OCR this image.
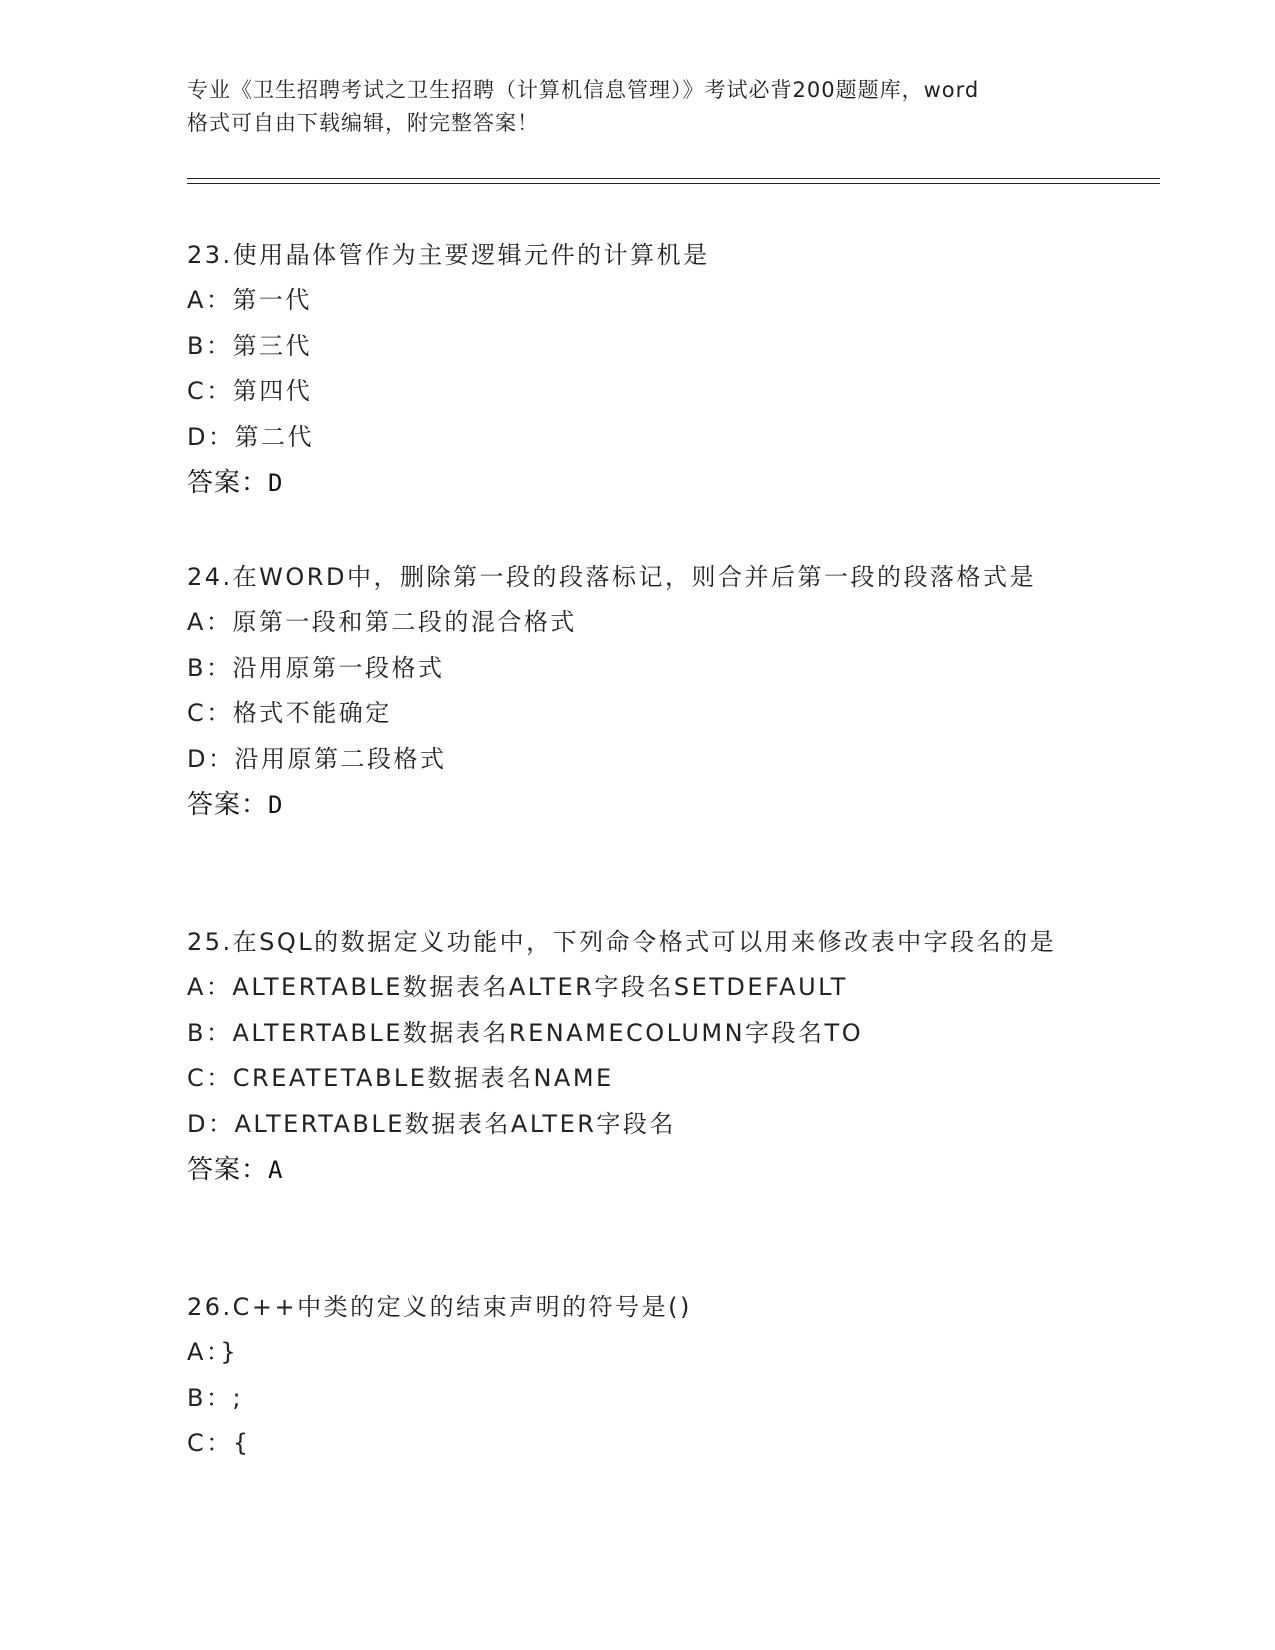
专业《卫生招聘考试之卫生招聘（计算机信息管理）》考试必背200题题库，word
格式可自由下载编辑，附完整答案！

23.使用晶体管作为主要逻辑元件的计算机是

A：第一代

B：第三代

C：第四代

D：第二代

答案：D

24.在WORD中，删除第一段的段落标记，则合并后第一段的段落格式是

A：原第一段和第二段的混合格式

B：沿用原第一段格式

C：格式不能确定

D：沿用原第二段格式

答案：D

25.在SQL的数据定义功能中，下列命令格式可以用来修改表中字段名的是

A：ALTERTABLE数据表名ALTER字段名SETDEFAULT

B：ALTERTABLE数据表名RENAMECOLUMN字段名TO

C：CREATETABLE数据表名NAME

D：ALTERTABLE数据表名ALTER字段名

答案：A

26.C++中类的定义的结束声明的符号是()

A：}

B：;

C：{
